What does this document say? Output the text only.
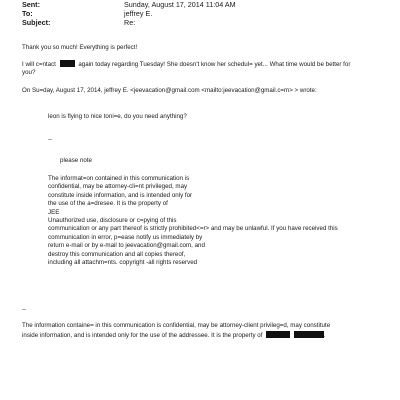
Sent:	Sunday, August 17, 2014 11:04 AM
To:	jeffrey E.
Subject:	Re:
Thank you so much! Everything is perfect!
I will c=ntact	again today regarding Tuesday! She doesn't know her schedul= yet... What time would be better for
you?
On Su=day, August 17, 2014, jeffrey E. <jeevacation@gmail.com <mailto:jeevacation@gmail.c=m> > wrote:
leon is flying to nice toni=e, do you need anything?
--
please note
The informat=on contained in this communication is
confidential, may be attorney-cli=nt privileged, may
constitute inside information, and is intended only for
the use of the a=dresee. It is the property of
JEE
Unauthorized use, disclosure or c=pying of this
communication or any part thereof is strictly prohibited<=r> and may be unlawful. If you have received this
communication in error, p=ease notify us immediately by
return e-mail or by e-mail to jeevacation@gmail.com, and
destroy this communication and all copies thereof,
including all attachm=nts. copyright -all rights reserved
--
The information containe= in this communication is confidential, may be attorney-client privileg=d, may constitute
inside information, and is intended only for the use of the addressee. It is the property of	.
